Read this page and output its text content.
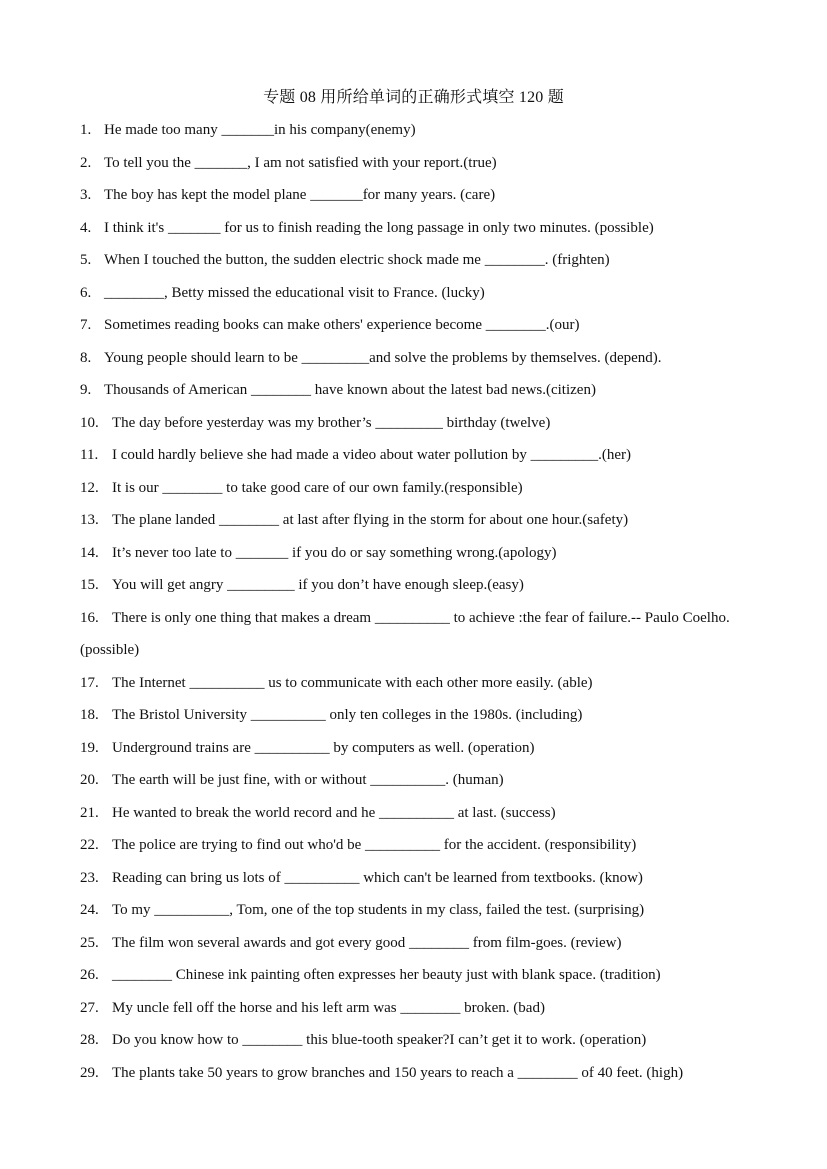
专题 08 用所给单词的正确形式填空 120 题
1. He made too many _______in his company(enemy)
2. To tell you the _______, I am not satisfied with your report.(true)
3. The boy has kept the model plane _______for many years. (care)
4. I think it's _______ for us to finish reading the long passage in only two minutes. (possible)
5. When I touched the button, the sudden electric shock made me ________. (frighten)
6. ________, Betty missed the educational visit to France. (lucky)
7. Sometimes reading books can make others' experience become ________.(our)
8. Young people should learn to be _________and solve the problems by themselves. (depend).
9. Thousands of American ________ have known about the latest bad news.(citizen)
10. The day before yesterday was my brother’s _________ birthday (twelve)
11. I could hardly believe she had made a video about water pollution by _________.(her)
12. It is our ________ to take good care of our own family.(responsible)
13. The plane landed ________ at last after flying in the storm for about one hour.(safety)
14. It’s never too late to _______ if you do or say something wrong.(apology)
15. You will get angry _________ if you don’t have enough sleep.(easy)
16. There is only one thing that makes a dream __________ to achieve :the fear of failure.-- Paulo Coelho.(possible)
17. The Internet __________ us to communicate with each other more easily. (able)
18. The Bristol University __________ only ten colleges in the 1980s. (including)
19. Underground trains are __________ by computers as well. (operation)
20. The earth will be just fine, with or without __________. (human)
21. He wanted to break the world record and he __________ at last. (success)
22. The police are trying to find out who'd be __________ for the accident. (responsibility)
23. Reading can bring us lots of __________ which can't be learned from textbooks. (know)
24. To my __________, Tom, one of the top students in my class, failed the test. (surprising)
25. The film won several awards and got every good ________ from film-goes. (review)
26. ________ Chinese ink painting often expresses her beauty just with blank space. (tradition)
27. My uncle fell off the horse and his left arm was ________ broken. (bad)
28. Do you know how to ________ this blue-tooth speaker?I can’t get it to work. (operation)
29. The plants take 50 years to grow branches and 150 years to reach a ________ of 40 feet. (high)
